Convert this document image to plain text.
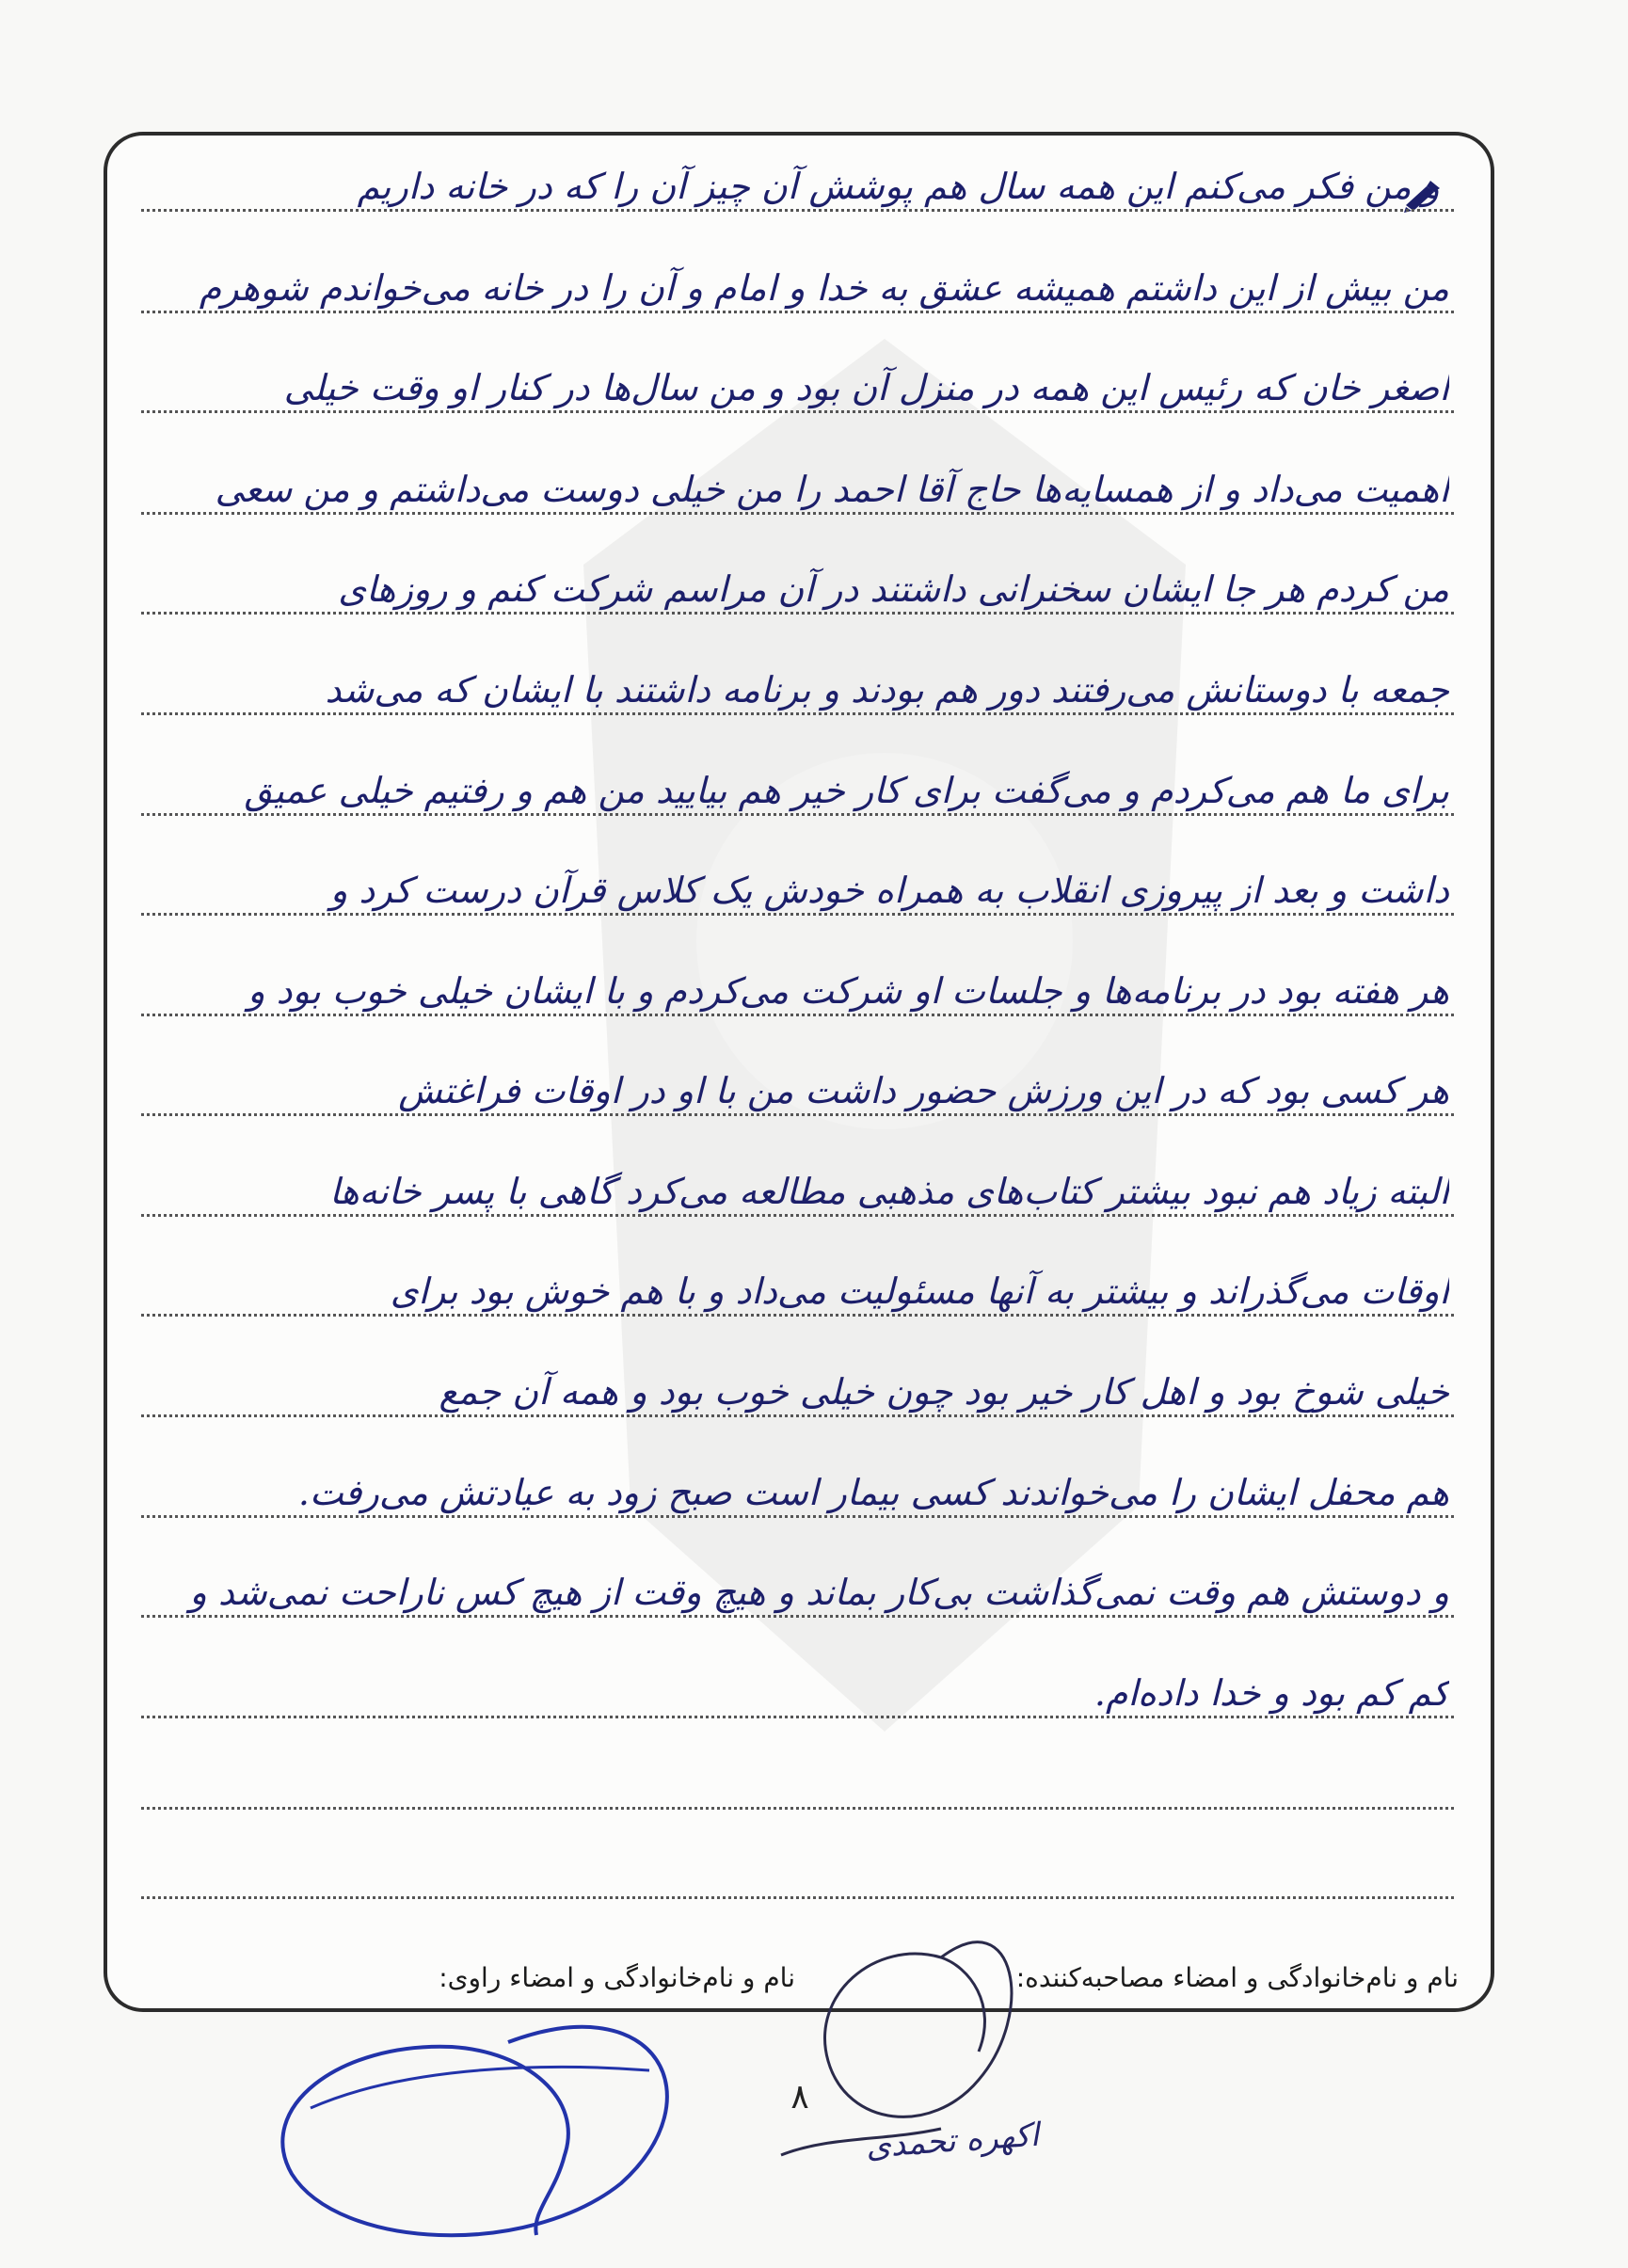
و من فکر می‌کنم این همه سال هم پوشش آن چیز آن را که در خانه داریم
من بیش از این داشتم همیشه عشق به خدا و امام و آن را در خانه می‌خواندم شوهرم
اصغر خان که رئیس این همه در منزل آن بود و من سال‌ها در کنار او وقت خیلی
اهمیت می‌داد و از همسایه‌ها حاج آقا احمد را من خیلی دوست می‌داشتم و من سعی
من کردم هر جا ایشان سخنرانی داشتند در آن مراسم شرکت کنم و روزهای
جمعه با دوستانش می‌رفتند دور هم بودند و برنامه داشتند با ایشان که می‌شد
برای ما هم می‌کردم و می‌گفت برای کار خیر هم بیایید من هم و رفتیم خیلی عمیق
داشت و بعد از پیروزی انقلاب به همراه خودش یک کلاس قرآن درست کرد و
هر هفته بود در برنامه‌ها و جلسات او شرکت می‌کردم و با ایشان خیلی خوب بود و
هر کسی بود که در این ورزش حضور داشت من با او در اوقات فراغتش
البته زیاد هم نبود بیشتر کتاب‌های مذهبی مطالعه می‌کرد گاهی با پسر خانه‌ها
اوقات می‌گذراند و بیشتر به آنها مسئولیت می‌داد و با هم خوش بود برای
خیلی شوخ بود و اهل کار خیر بود چون خیلی خوب بود و همه آن جمع
هم محفل ایشان را می‌خواندند کسی بیمار است صبح زود به عیادتش می‌رفت.
و دوستش هم وقت نمی‌گذاشت بی‌کار بماند و هیچ وقت از هیچ کس ناراحت نمی‌شد و
کم کم بود و خدا داده‌ام.
نام و نام‌خانوادگی و امضاء مصاحبه‌کننده:
نام و نام‌خانوادگی و امضاء راوی:
۸
اکهره تحمدی
